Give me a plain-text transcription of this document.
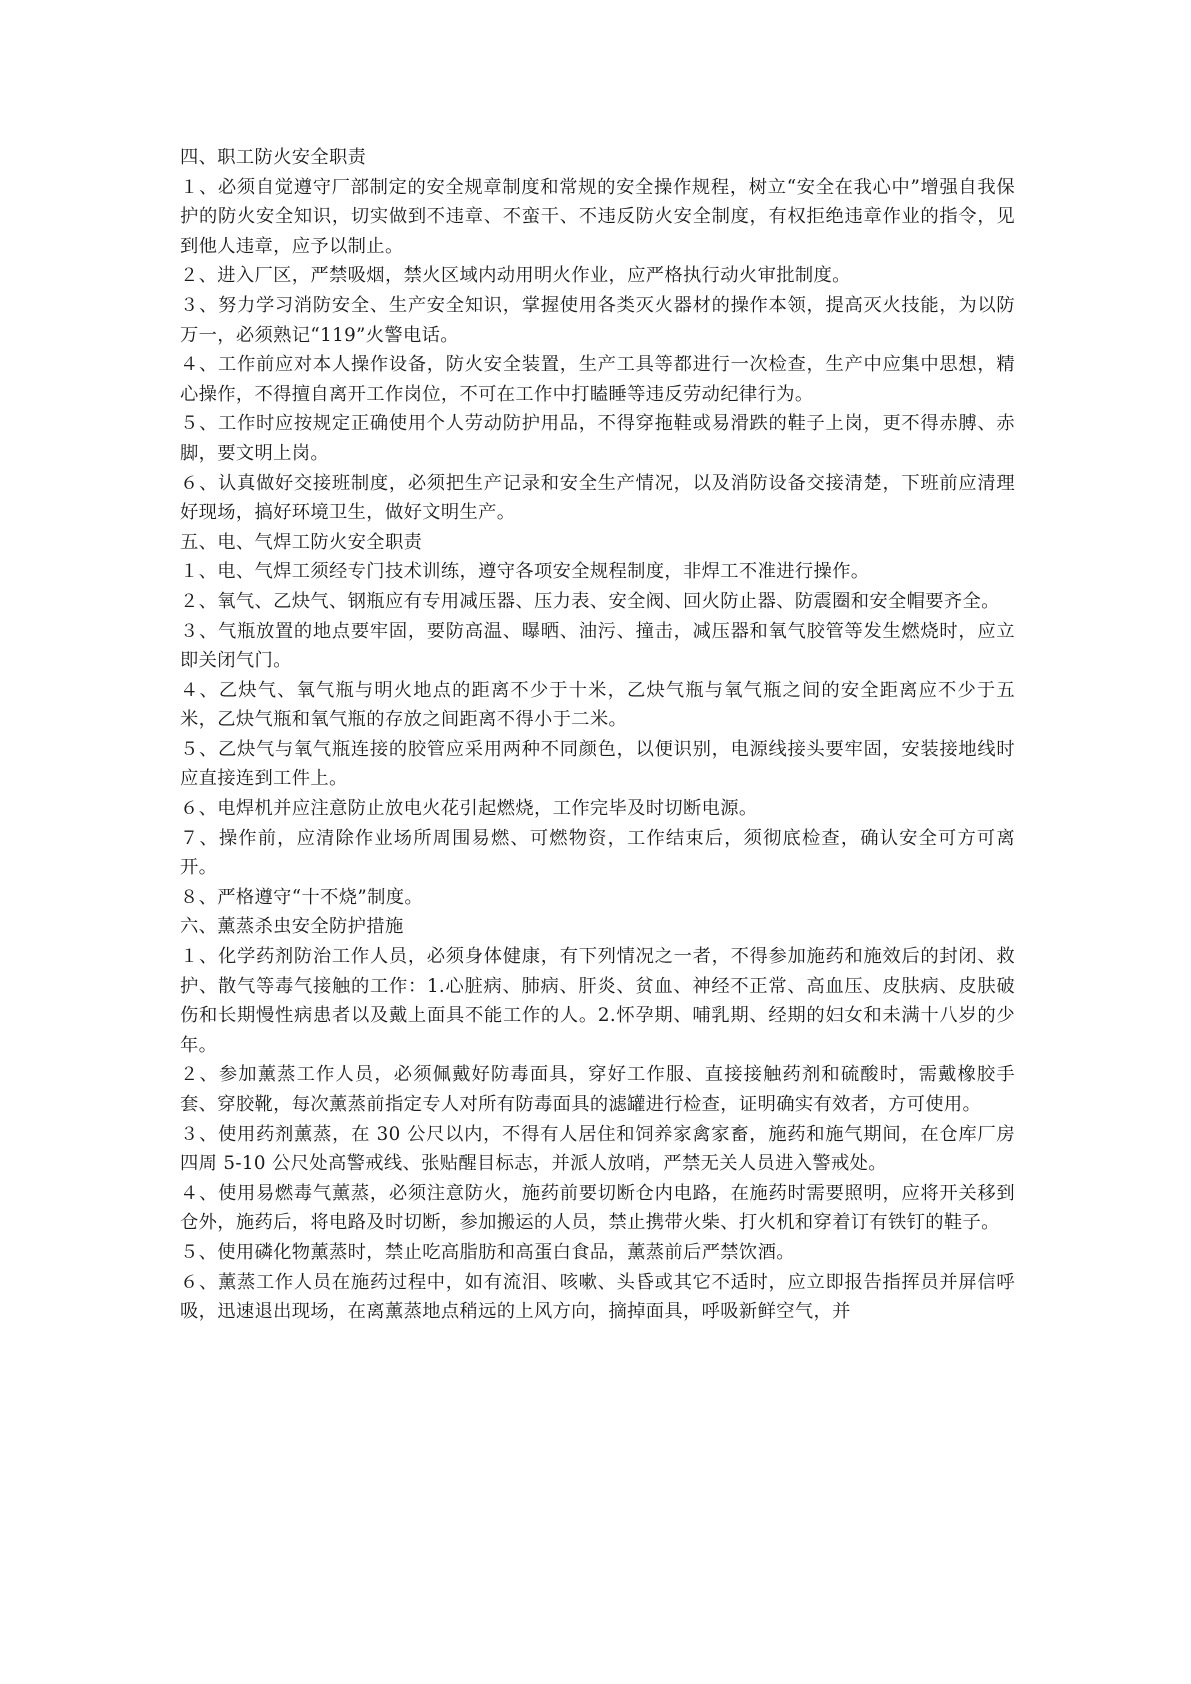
四、职工防火安全职责

１、必须自觉遵守厂部制定的安全规章制度和常规的安全操作规程，树立“安全在我心中”增强自我保护的防火安全知识，切实做到不违章、不蛮干、不违反防火安全制度，有权拒绝违章作业的指令，见到他人违章，应予以制止。

２、进入厂区，严禁吸烟，禁火区域内动用明火作业，应严格执行动火审批制度。

３、努力学习消防安全、生产安全知识，掌握使用各类灭火器材的操作本领，提高灭火技能，为以防万一，必须熟记“119”火警电话。

４、工作前应对本人操作设备，防火安全装置，生产工具等都进行一次检查，生产中应集中思想，精心操作，不得擅自离开工作岗位，不可在工作中打瞌睡等违反劳动纪律行为。

５、工作时应按规定正确使用个人劳动防护用品，不得穿拖鞋或易滑跌的鞋子上岗，更不得赤膊、赤脚，要文明上岗。

６、认真做好交接班制度，必须把生产记录和安全生产情况，以及消防设备交接清楚，下班前应清理好现场，搞好环境卫生，做好文明生产。

五、电、气焊工防火安全职责

１、电、气焊工须经专门技术训练，遵守各项安全规程制度，非焊工不准进行操作。

２、氧气、乙炔气、钢瓶应有专用减压器、压力表、安全阀、回火防止器、防震圈和安全帽要齐全。

３、气瓶放置的地点要牢固，要防高温、曝晒、油污、撞击，减压器和氧气胶管等发生燃烧时，应立即关闭气门。

４、乙炔气、氧气瓶与明火地点的距离不少于十米，乙炔气瓶与氧气瓶之间的安全距离应不少于五米，乙炔气瓶和氧气瓶的存放之间距离不得小于二米。

５、乙炔气与氧气瓶连接的胶管应采用两种不同颜色，以便识别，电源线接头要牢固，安装接地线时应直接连到工件上。

６、电焊机并应注意防止放电火花引起燃烧，工作完毕及时切断电源。

７、操作前，应清除作业场所周围易燃、可燃物资，工作结束后，须彻底检查，确认安全可方可离开。

８、严格遵守“十不烧”制度。

六、薰蒸杀虫安全防护措施

１、化学药剂防治工作人员，必须身体健康，有下列情况之一者，不得参加施药和施效后的封闭、救护、散气等毒气接触的工作：1.心脏病、肺病、肝炎、贫血、神经不正常、高血压、皮肤病、皮肤破伤和长期慢性病患者以及戴上面具不能工作的人。2.怀孕期、哺乳期、经期的妇女和未满十八岁的少年。

２、参加薰蒸工作人员，必须佩戴好防毒面具，穿好工作服、直接接触药剂和硫酸时，需戴橡胶手套、穿胶靴，每次薰蒸前指定专人对所有防毒面具的滤罐进行检查，证明确实有效者，方可使用。

３、使用药剂薰蒸，在 30 公尺以内，不得有人居住和饲养家禽家畜，施药和施气期间，在仓库厂房四周 5-10 公尺处高警戒线、张贴醒目标志，并派人放哨，严禁无关人员进入警戒处。

４、使用易燃毒气薰蒸，必须注意防火，施药前要切断仓内电路，在施药时需要照明，应将开关移到仓外，施药后，将电路及时切断，参加搬运的人员，禁止携带火柴、打火机和穿着订有铁钉的鞋子。

５、使用磷化物薰蒸时，禁止吃高脂肪和高蛋白食品，薰蒸前后严禁饮酒。

６、薰蒸工作人员在施药过程中，如有流泪、咳嗽、头昏或其它不适时，应立即报告指挥员并屏信呼吸，迅速退出现场，在离薰蒸地点稍远的上风方向，摘掉面具，呼吸新鲜空气，并
